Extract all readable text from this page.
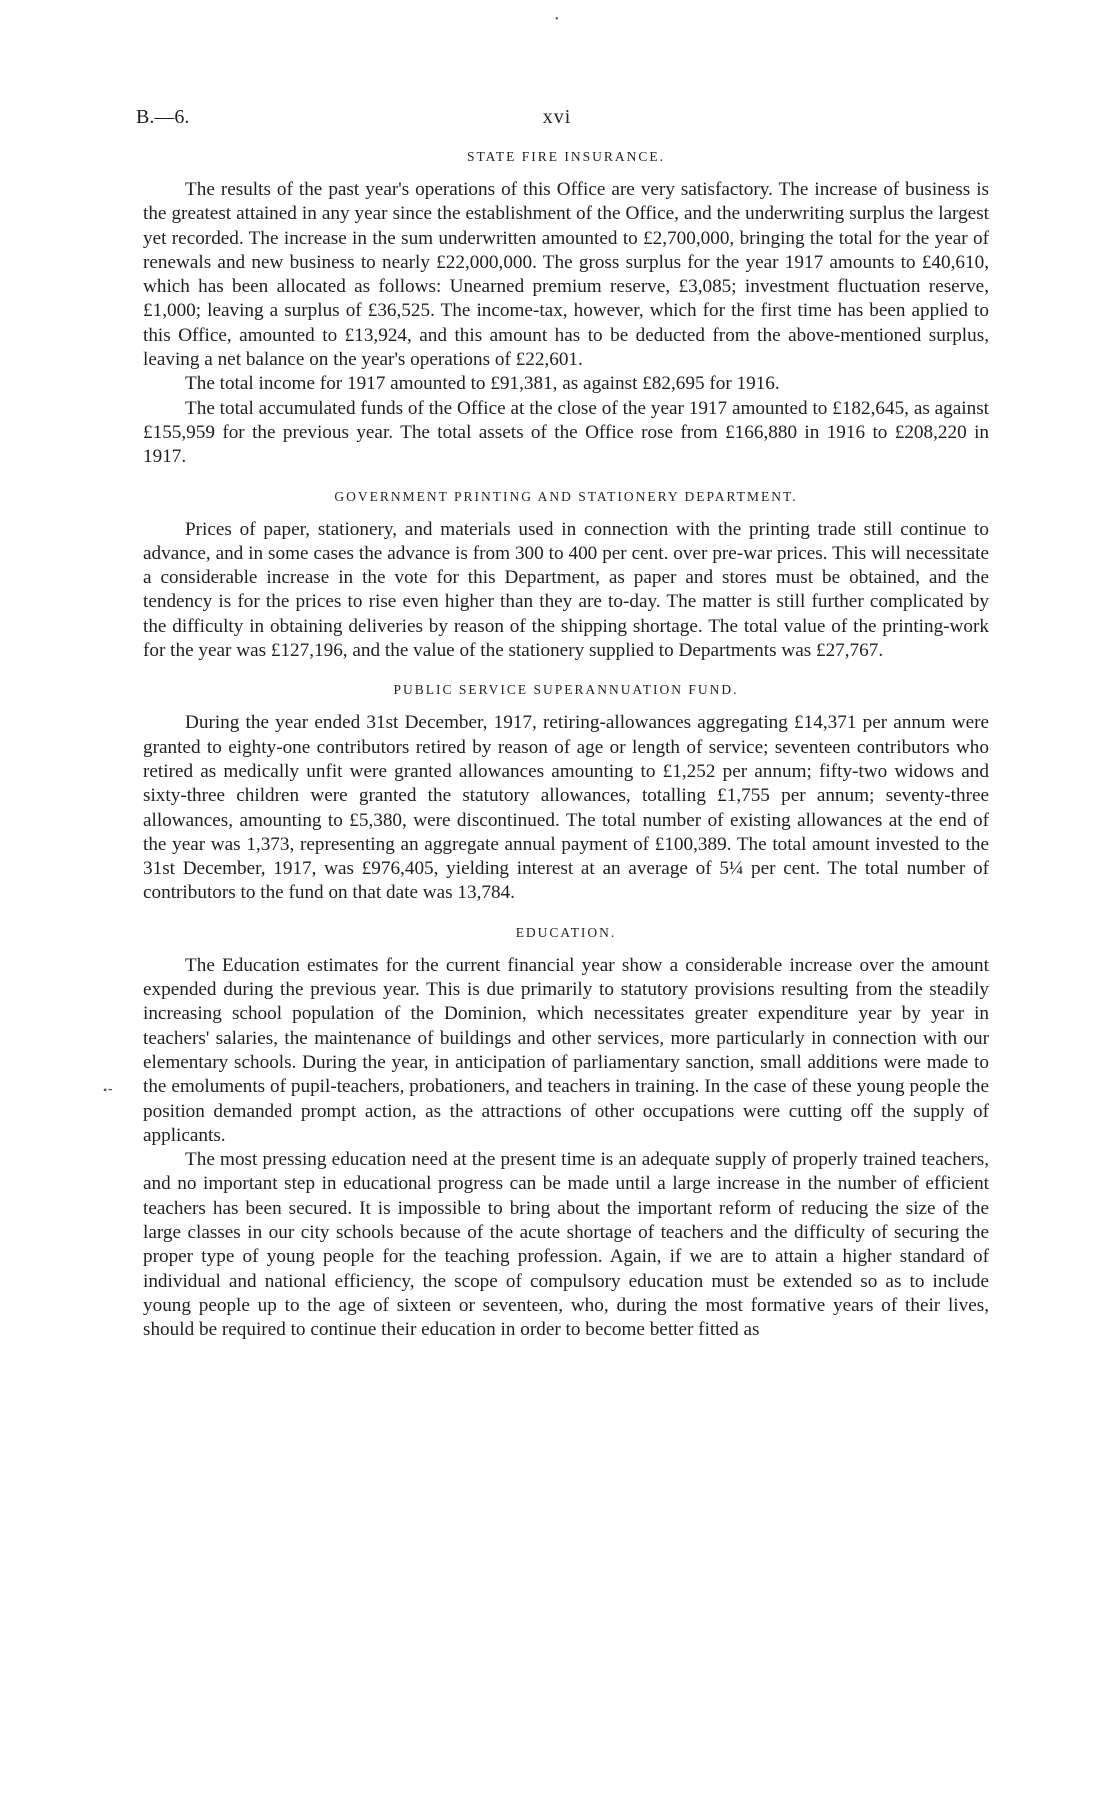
•
B.—6.	xvi
•⁃
STATE FIRE INSURANCE.

The results of the past year's operations of this Office are very satisfactory. The increase of business is the greatest attained in any year since the establishment of the Office, and the underwriting surplus the largest yet recorded. The increase in the sum underwritten amounted to £2,700,000, bringing the total for the year of renewals and new business to nearly £22,000,000. The gross surplus for the year 1917 amounts to £40,610, which has been allocated as follows: Unearned premium reserve, £3,085; investment fluctuation reserve, £1,000; leaving a surplus of £36,525. The income-tax, however, which for the first time has been applied to this Office, amounted to £13,924, and this amount has to be deducted from the above-mentioned surplus, leaving a net balance on the year's operations of £22,601.

The total income for 1917 amounted to £91,381, as against £82,695 for 1916.

The total accumulated funds of the Office at the close of the year 1917 amounted to £182,645, as against £155,959 for the previous year. The total assets of the Office rose from £166,880 in 1916 to £208,220 in 1917.

GOVERNMENT PRINTING AND STATIONERY DEPARTMENT.

Prices of paper, stationery, and materials used in connection with the printing trade still continue to advance, and in some cases the advance is from 300 to 400 per cent. over pre-war prices. This will necessitate a considerable increase in the vote for this Department, as paper and stores must be obtained, and the tendency is for the prices to rise even higher than they are to-day. The matter is still further complicated by the difficulty in obtaining deliveries by reason of the shipping shortage. The total value of the printing-work for the year was £127,196, and the value of the stationery supplied to Departments was £27,767.

PUBLIC SERVICE SUPERANNUATION FUND.

During the year ended 31st December, 1917, retiring-allowances aggregating £14,371 per annum were granted to eighty-one contributors retired by reason of age or length of service; seventeen contributors who retired as medically unfit were granted allowances amounting to £1,252 per annum; fifty-two widows and sixty-three children were granted the statutory allowances, totalling £1,755 per annum; seventy-three allowances, amounting to £5,380, were discontinued. The total number of existing allowances at the end of the year was 1,373, representing an aggregate annual payment of £100,389. The total amount invested to the 31st December, 1917, was £976,405, yielding interest at an average of 5¼ per cent. The total number of contributors to the fund on that date was 13,784.

EDUCATION.

The Education estimates for the current financial year show a considerable increase over the amount expended during the previous year. This is due primarily to statutory provisions resulting from the steadily increasing school population of the Dominion, which necessitates greater expenditure year by year in teachers' salaries, the maintenance of buildings and other services, more particularly in connection with our elementary schools. During the year, in anticipation of parliamentary sanction, small additions were made to the emoluments of pupil-teachers, probationers, and teachers in training. In the case of these young people the position demanded prompt action, as the attractions of other occupations were cutting off the supply of applicants.

The most pressing education need at the present time is an adequate supply of properly trained teachers, and no important step in educational progress can be made until a large increase in the number of efficient teachers has been secured. It is impossible to bring about the important reform of reducing the size of the large classes in our city schools because of the acute shortage of teachers and the difficulty of securing the proper type of young people for the teaching profession. Again, if we are to attain a higher standard of individual and national efficiency, the scope of compulsory education must be extended so as to include young people up to the age of sixteen or seventeen, who, during the most formative years of their lives, should be required to continue their education in order to become better fitted as
